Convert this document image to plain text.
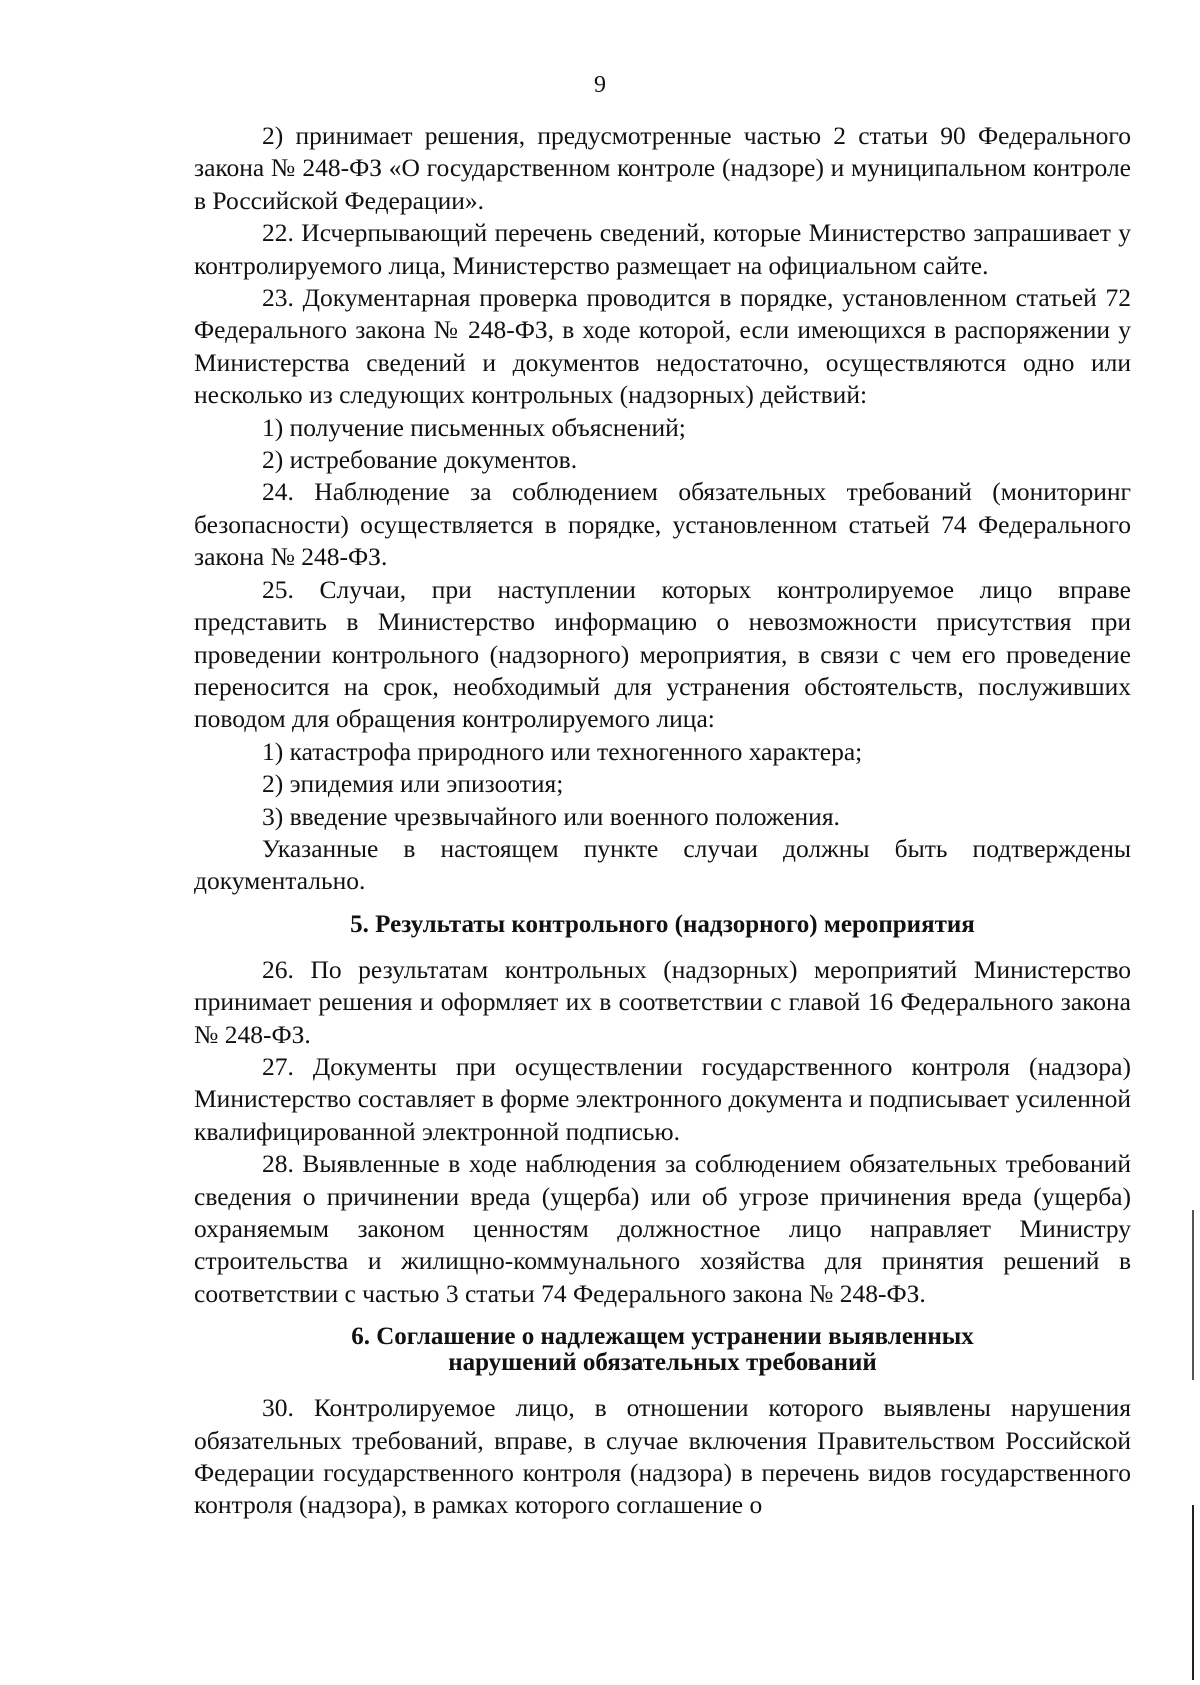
9

2) принимает решения, предусмотренные частью 2 статьи 90 Федерального закона № 248-ФЗ «О государственном контроле (надзоре) и муниципальном контроле в Российской Федерации».

22. Исчерпывающий перечень сведений, которые Министерство запрашивает у контролируемого лица, Министерство размещает на официальном сайте.

23. Документарная проверка проводится в порядке, установленном статьей 72 Федерального закона № 248-ФЗ, в ходе которой, если имеющихся в распоряжении у Министерства сведений и документов недостаточно, осуществляются одно или несколько из следующих контрольных (надзорных) действий:

1) получение письменных объяснений;

2) истребование документов.

24. Наблюдение за соблюдением обязательных требований (мониторинг безопасности) осуществляется в порядке, установленном статьей 74 Федерального закона № 248-ФЗ.

25. Случаи, при наступлении которых контролируемое лицо вправе представить в Министерство информацию о невозможности присутствия при проведении контрольного (надзорного) мероприятия, в связи с чем его проведение переносится на срок, необходимый для устранения обстоятельств, послуживших поводом для обращения контролируемого лица:

1) катастрофа природного или техногенного характера;

2) эпидемия или эпизоотия;

3) введение чрезвычайного или военного положения.

Указанные в настоящем пункте случаи должны быть подтверждены документально.

5. Результаты контрольного (надзорного) мероприятия

26. По результатам контрольных (надзорных) мероприятий Министерство принимает решения и оформляет их в соответствии с главой 16 Федерального закона № 248-ФЗ.

27. Документы при осуществлении государственного контроля (надзора) Министерство составляет в форме электронного документа и подписывает усиленной квалифицированной электронной подписью.

28. Выявленные в ходе наблюдения за соблюдением обязательных требований сведения о причинении вреда (ущерба) или об угрозе причинения вреда (ущерба) охраняемым законом ценностям должностное лицо направляет Министру строительства и жилищно-коммунального хозяйства для принятия решений в соответствии с частью 3 статьи 74 Федерального закона № 248-ФЗ.

6. Соглашение о надлежащем устранении выявленных
нарушений обязательных требований

30. Контролируемое лицо, в отношении которого выявлены нарушения обязательных требований, вправе, в случае включения Правительством Российской Федерации государственного контроля (надзора) в перечень видов государственного контроля (надзора), в рамках которого соглашение о
